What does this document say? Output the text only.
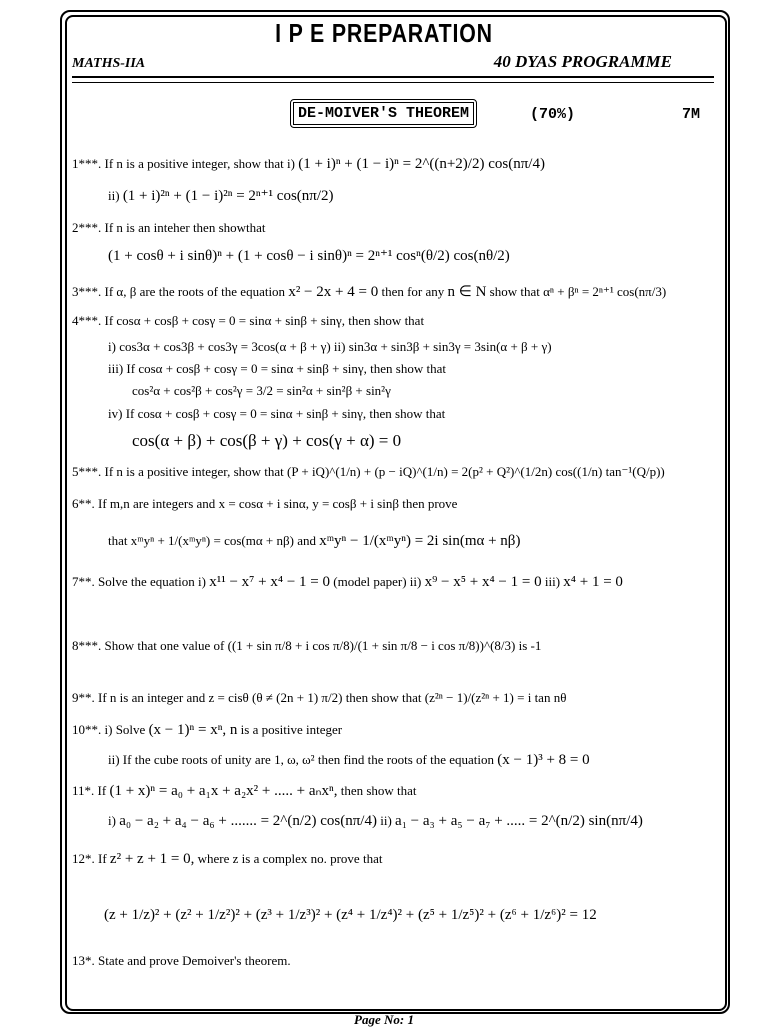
I P E PREPARATION
MATHS-IIA	40 DYAS PROGRAMME
DE-MOIVER'S THEOREM	(70%)	7M
1***. If n is a positive integer, show that i) (1 + i)ⁿ + (1 − i)ⁿ = 2^((n+2)/2) cos(nπ/4)
ii) (1 + i)²ⁿ + (1 − i)²ⁿ = 2ⁿ⁺¹ cos(nπ/2)
2***. If n is an inteher then showthat
(1 + cosθ + i sinθ)ⁿ + (1 + cosθ − i sinθ)ⁿ = 2ⁿ⁺¹ cosⁿ(θ/2) cos(nθ/2)
3***. If α, β are the roots of the equation x² − 2x + 4 = 0 then for any n ∈ N show that αⁿ + βⁿ = 2ⁿ⁺¹ cos(nπ/3)
4***. If cosα + cosβ + cosγ = 0 = sinα + sinβ + sinγ, then show that
i) cos3α + cos3β + cos3γ = 3cos(α + β + γ) ii) sin3α + sin3β + sin3γ = 3sin(α + β + γ)
iii) If cosα + cosβ + cosγ = 0 = sinα + sinβ + sinγ, then show that
cos²α + cos²β + cos²γ = 3/2 = sin²α + sin²β + sin²γ
iv) If cosα + cosβ + cosγ = 0 = sinα + sinβ + sinγ, then show that
cos(α + β) + cos(β + γ) + cos(γ + α) = 0
5***. If n is a positive integer, show that (P + iQ)^(1/n) + (p − iQ)^(1/n) = 2(p² + Q²)^(1/2n) cos((1/n) tan⁻¹(Q/p))
6**. If m,n are integers and x = cosα + i sinα, y = cosβ + i sinβ then prove
that xᵐyⁿ + 1/(xᵐyⁿ) = cos(mα + nβ) and xᵐyⁿ − 1/(xᵐyⁿ) = 2i sin(mα + nβ)
7**. Solve the equation i) x¹¹ − x⁷ + x⁴ − 1 = 0 (model paper) ii) x⁹ − x⁵ + x⁴ − 1 = 0 iii) x⁴ + 1 = 0
8***. Show that one value of ((1 + sin π/8 + i cos π/8)/(1 + sin π/8 − i cos π/8))^(8/3) is -1
9**. If n is an integer and z = cisθ (θ ≠ (2n + 1) π/2) then show that (z²ⁿ − 1)/(z²ⁿ + 1) = i tan nθ
10**. i) Solve (x − 1)ⁿ = xⁿ, n is a positive integer
ii) If the cube roots of unity are 1, ω, ω² then find the roots of the equation (x − 1)³ + 8 = 0
11*. If (1 + x)ⁿ = a₀ + a₁x + a₂x² + ..... + aₙxⁿ, then show that
i) a₀ − a₂ + a₄ − a₆ + ....... = 2^(n/2) cos(nπ/4) ii) a₁ − a₃ + a₅ − a₇ + ..... = 2^(n/2) sin(nπ/4)
12*. If z² + z + 1 = 0, where z is a complex no. prove that
(z + 1/z)² + (z² + 1/z²)² + (z³ + 1/z³)² + (z⁴ + 1/z⁴)² + (z⁵ + 1/z⁵)² + (z⁶ + 1/z⁶)² = 12
13*. State and prove Demoiver's theorem.
Page No: 1
